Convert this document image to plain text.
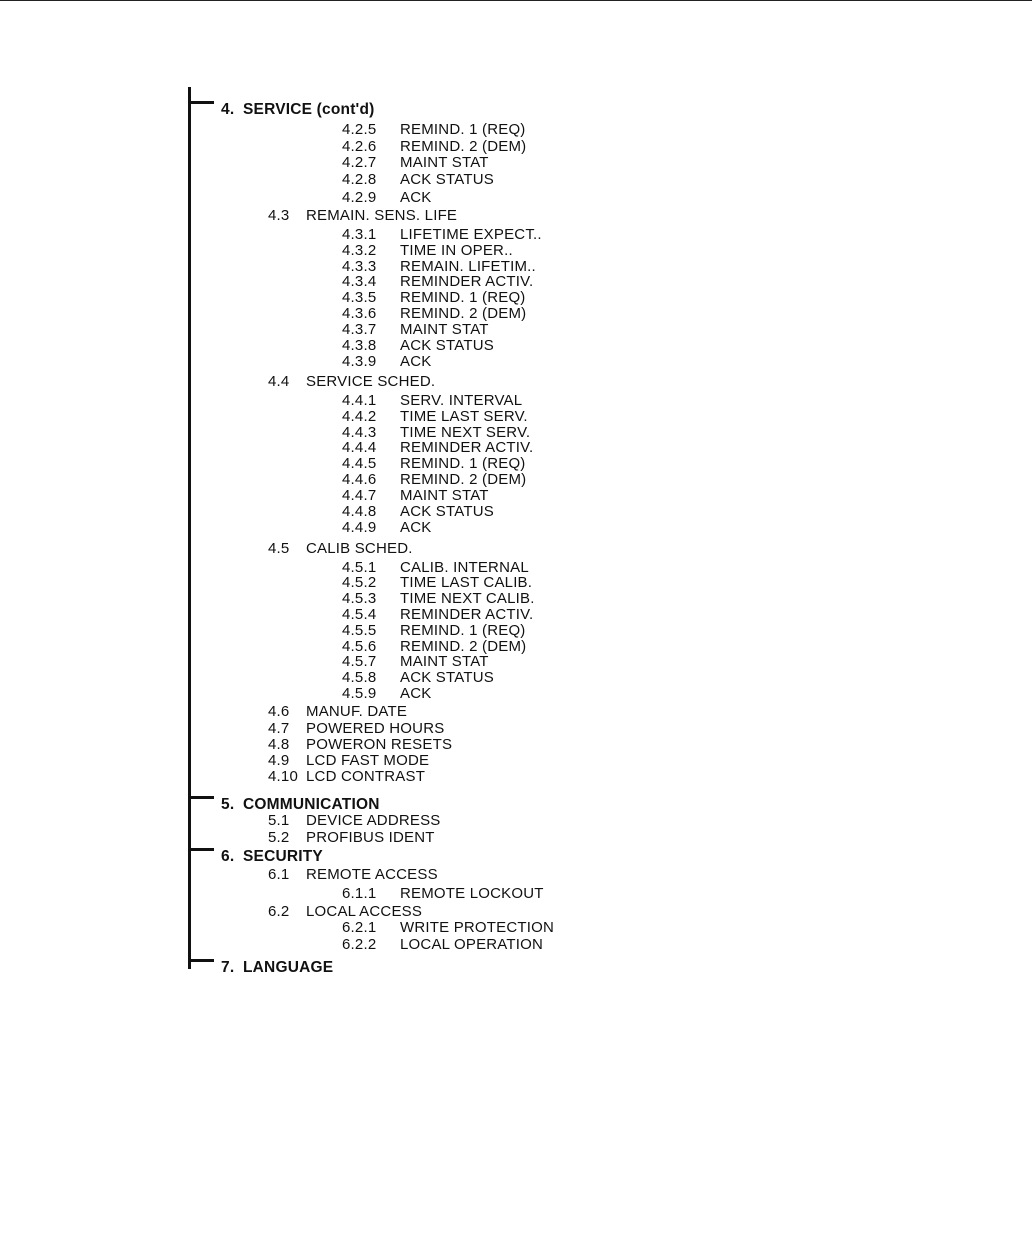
4. SERVICE (cont'd)
4.2.5 REMIND. 1 (REQ)
4.2.6 REMIND. 2 (DEM)
4.2.7 MAINT STAT
4.2.8 ACK STATUS
4.2.9 ACK
4.3 REMAIN. SENS. LIFE
4.3.1 LIFETIME EXPECT..
4.3.2 TIME IN OPER..
4.3.3 REMAIN. LIFETIM..
4.3.4 REMINDER ACTIV.
4.3.5 REMIND. 1 (REQ)
4.3.6 REMIND. 2 (DEM)
4.3.7 MAINT STAT
4.3.8 ACK STATUS
4.3.9 ACK
4.4 SERVICE SCHED.
4.4.1 SERV. INTERVAL
4.4.2 TIME LAST SERV.
4.4.3 TIME NEXT SERV.
4.4.4 REMINDER ACTIV.
4.4.5 REMIND. 1 (REQ)
4.4.6 REMIND. 2 (DEM)
4.4.7 MAINT STAT
4.4.8 ACK STATUS
4.4.9 ACK
4.5 CALIB SCHED.
4.5.1 CALIB. INTERNAL
4.5.2 TIME LAST CALIB.
4.5.3 TIME NEXT CALIB.
4.5.4 REMINDER ACTIV.
4.5.5 REMIND. 1 (REQ)
4.5.6 REMIND. 2 (DEM)
4.5.7 MAINT STAT
4.5.8 ACK STATUS
4.5.9 ACK
4.6 MANUF. DATE
4.7 POWERED HOURS
4.8 POWERON RESETS
4.9 LCD FAST MODE
4.10 LCD CONTRAST
5. COMMUNICATION
5.1 DEVICE ADDRESS
5.2 PROFIBUS IDENT
6. SECURITY
6.1 REMOTE ACCESS
6.1.1 REMOTE LOCKOUT
6.2 LOCAL ACCESS
6.2.1 WRITE PROTECTION
6.2.2 LOCAL OPERATION
7. LANGUAGE
